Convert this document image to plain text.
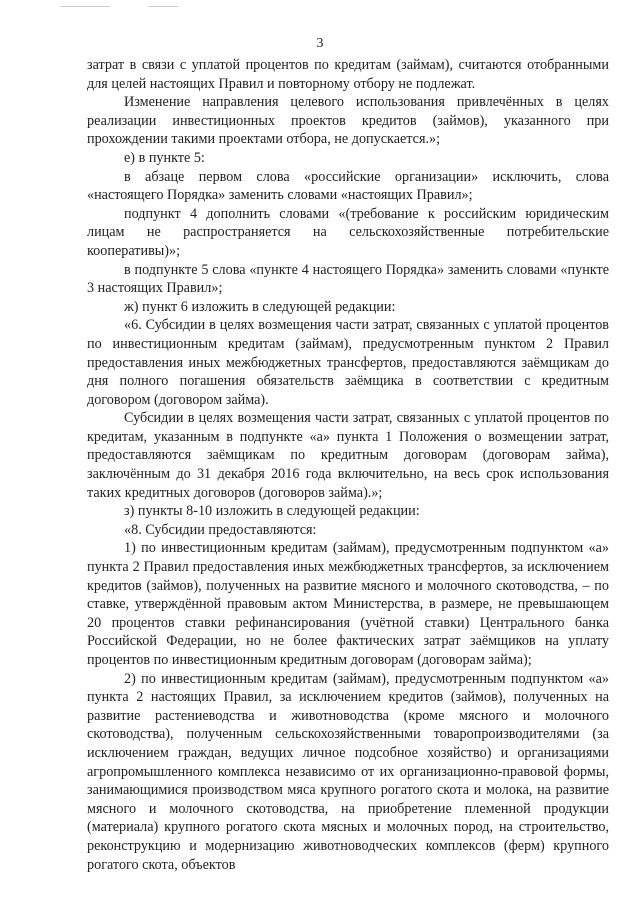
3

затрат в связи с уплатой процентов по кредитам (займам), считаются отобранными для целей настоящих Правил и повторному отбору не подлежат.

Изменение направления целевого использования привлечённых в целях реализации инвестиционных проектов кредитов (займов), указанного при прохождении такими проектами отбора, не допускается.»;

е) в пункте 5:

в абзаце первом слова «российские организации» исключить, слова «настоящего Порядка» заменить словами «настоящих Правил»;

подпункт 4 дополнить словами «(требование к российским юридическим лицам не распространяется на сельскохозяйственные потребительские кооперативы)»;

в подпункте 5 слова «пункте 4 настоящего Порядка» заменить словами «пункте 3 настоящих Правил»;

ж) пункт 6 изложить в следующей редакции:

«6. Субсидии в целях возмещения части затрат, связанных с уплатой процентов по инвестиционным кредитам (займам), предусмотренным пунктом 2 Правил предоставления иных межбюджетных трансфертов, предоставляются заёмщикам до дня полного погашения обязательств заёмщика в соответствии с кредитным договором (договором займа).

Субсидии в целях возмещения части затрат, связанных с уплатой процентов по кредитам, указанным в подпункте «а» пункта 1 Положения о возмещении затрат, предоставляются заёмщикам по кредитным договорам (договорам займа), заключённым до 31 декабря 2016 года включительно, на весь срок использования таких кредитных договоров (договоров займа).»;

з) пункты 8-10 изложить в следующей редакции:

«8. Субсидии предоставляются:

1) по инвестиционным кредитам (займам), предусмотренным подпунктом «а» пункта 2 Правил предоставления иных межбюджетных трансфертов, за исключением кредитов (займов), полученных на развитие мясного и молочного скотоводства, – по ставке, утверждённой правовым актом Министерства, в размере, не превышающем 20 процентов ставки рефинансирования (учётной ставки) Центрального банка Российской Федерации, но не более фактических затрат заёмщиков на уплату процентов по инвестиционным кредитным договорам (договорам займа);

2) по инвестиционным кредитам (займам), предусмотренным подпунктом «а» пункта 2 настоящих Правил, за исключением кредитов (займов), полученных на развитие растениеводства и животноводства (кроме мясного и молочного скотоводства), полученным сельскохозяйственными товаропроизводителями (за исключением граждан, ведущих личное подсобное хозяйство) и организациями агропромышленного комплекса независимо от их организационно-правовой формы, занимающимися производством мяса крупного рогатого скота и молока, на развитие мясного и молочного скотоводства, на приобретение племенной продукции (материала) крупного рогатого скота мясных и молочных пород, на строительство, реконструкцию и модернизацию животноводческих комплексов (ферм) крупного рогатого скота, объектов
